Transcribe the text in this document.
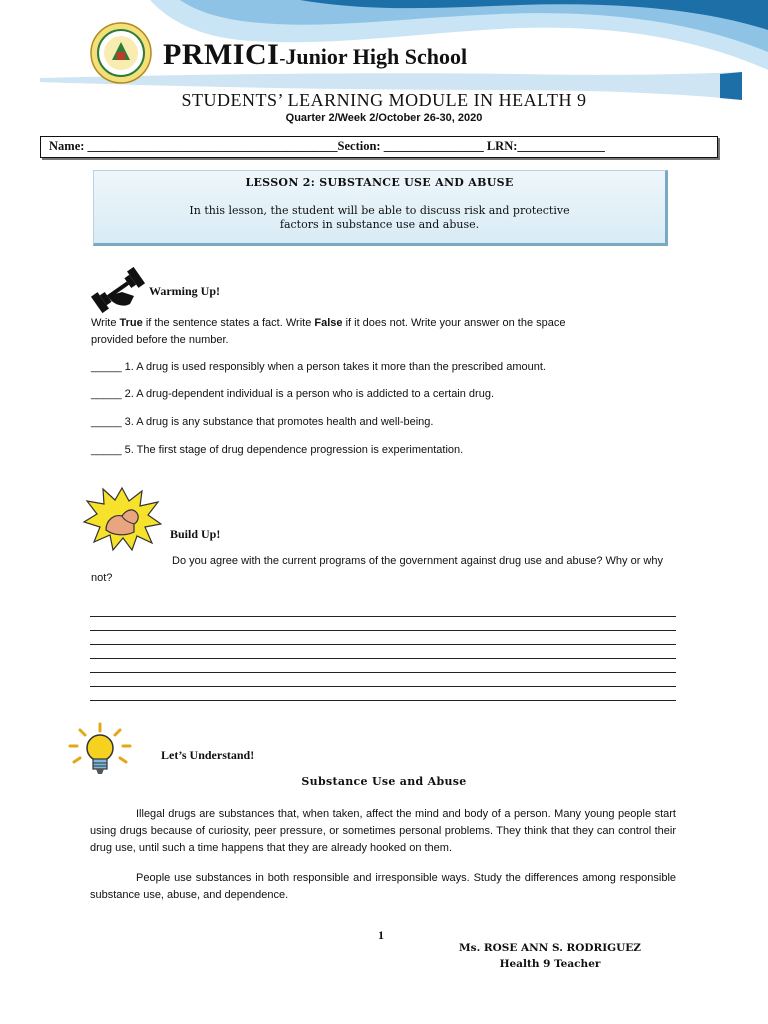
PRMICI-Junior High School
STUDENTS’ LEARNING MODULE IN HEALTH 9
Quarter 2/Week 2/October 26-30, 2020
Name: ________________________________________Section: ________________ LRN:______________
LESSON 2: SUBSTANCE USE AND ABUSE
In this lesson, the student will be able to discuss risk and protective
factors in substance use and abuse.
Warming Up!
Write True if the sentence states a fact. Write False if it does not. Write your answer on the space
provided before the number.
_____ 1. A drug is used responsibly when a person takes it more than the prescribed amount.
_____ 2. A drug-dependent individual is a person who is addicted to a certain drug.
_____ 3. A drug is any substance that promotes health and well-being.
_____ 5. The first stage of drug dependence progression is experimentation.
Build Up!
Do you agree with the current programs of the government against drug use and abuse? Why or why
not?
Let’s Understand!
Substance Use and Abuse
Illegal drugs are substances that, when taken, affect the mind and body of a person. Many young people start using drugs because of curiosity, peer pressure, or sometimes personal problems. They think that they can control their drug use, until such a time happens that they are already hooked on them.
People use substances in both responsible and irresponsible ways. Study the differences among responsible substance use, abuse, and dependence.
1
Ms. ROSE ANN S. RODRIGUEZ
Health 9 Teacher
